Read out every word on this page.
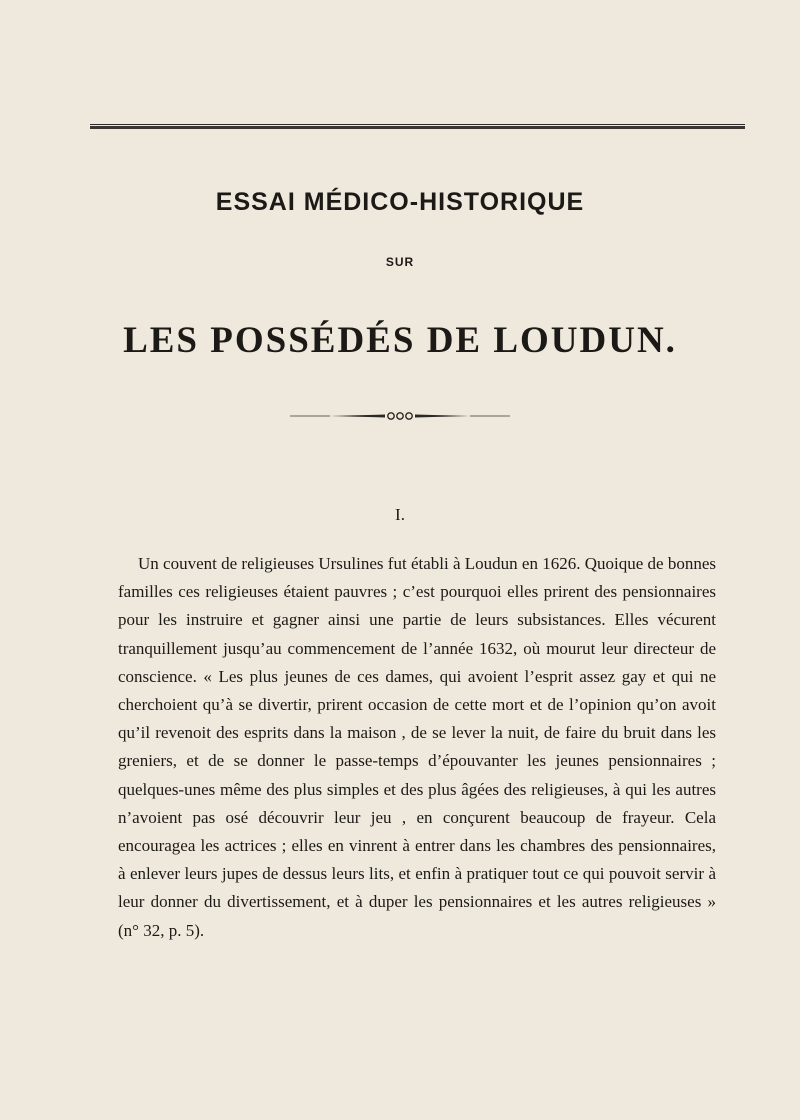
ESSAI MÉDICO-HISTORIQUE
SUR
LES POSSÉDÉS DE LOUDUN.
I.

Un couvent de religieuses Ursulines fut établi à Loudun en 1626. Quoique de bonnes familles ces religieuses étaient pauvres ; c’est pourquoi elles prirent des pensionnaires pour les instruire et gagner ainsi une partie de leurs subsistances. Elles vécurent tranquillement jusqu’au commencement de l’année 1632, où mourut leur directeur de conscience. « Les plus jeunes de ces dames, qui avoient l’esprit assez gay et qui ne cherchoient qu’à se divertir, prirent occasion de cette mort et de l’opinion qu’on avoit qu’il revenoit des esprits dans la maison , de se lever la nuit, de faire du bruit dans les greniers, et de se donner le passe-temps d’épouvanter les jeunes pensionnaires ; quelques-unes même des plus simples et des plus âgées des religieuses, à qui les autres n’avoient pas osé découvrir leur jeu , en conçurent beaucoup de frayeur. Cela encouragea les actrices ; elles en vinrent à entrer dans les chambres des pensionnaires, à enlever leurs jupes de dessus leurs lits, et enfin à pratiquer tout ce qui pouvoit servir à leur donner du divertissement, et à duper les pensionnaires et les autres religieuses » (n° 32, p. 5).
